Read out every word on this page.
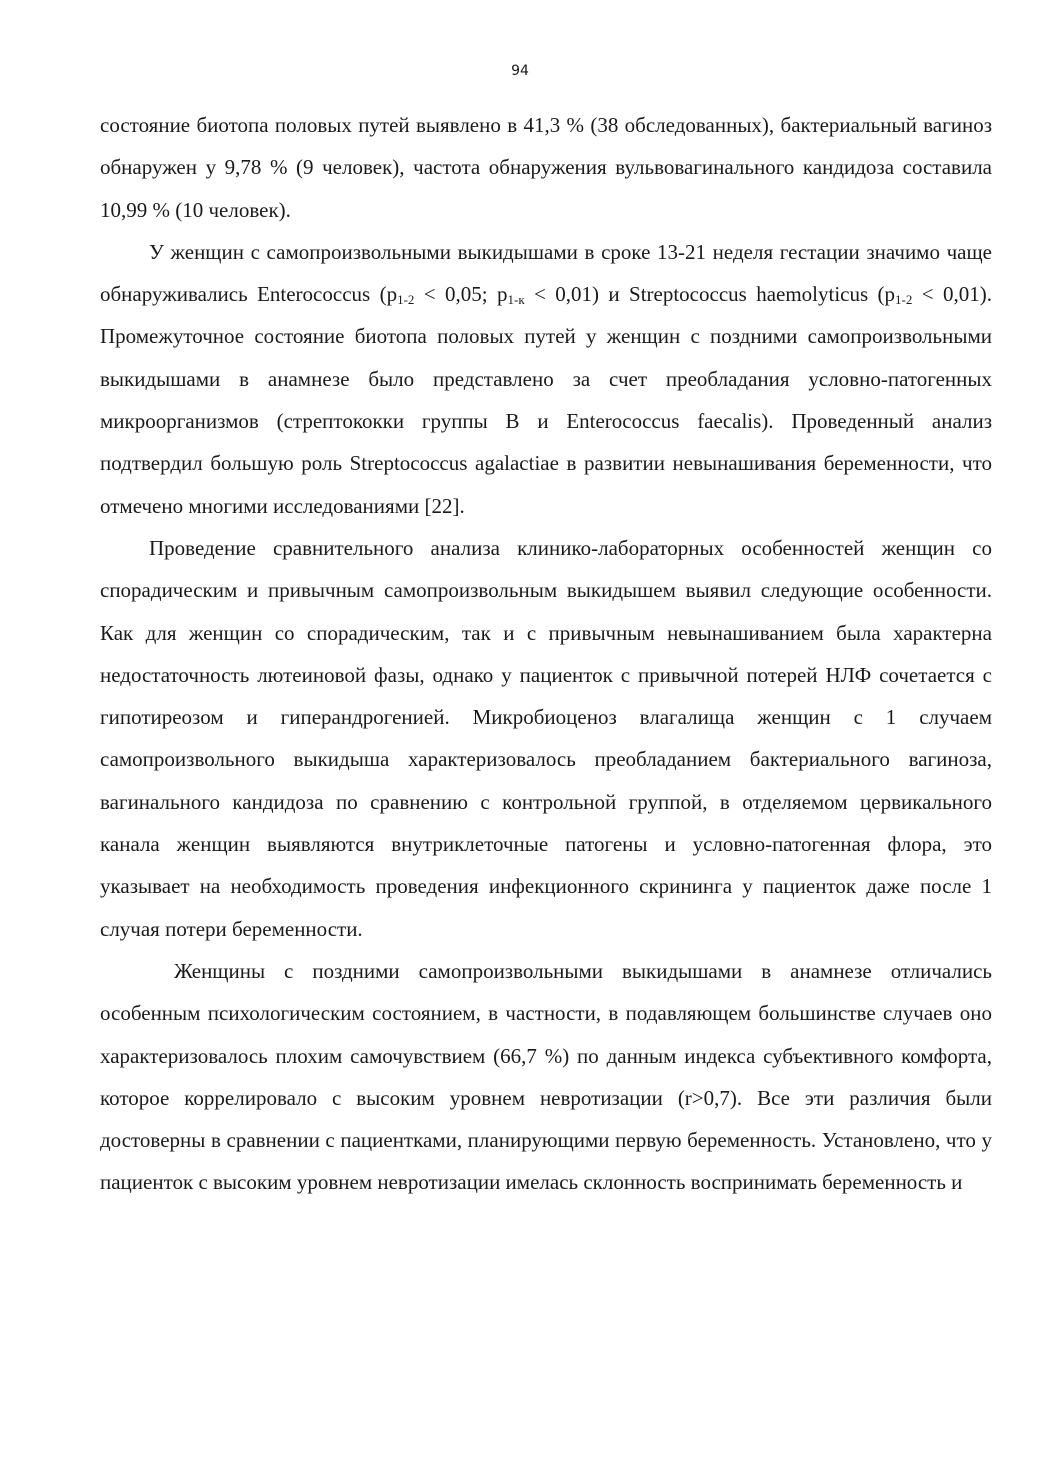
94

состояние биотопа половых путей выявлено в 41,3 % (38 обследованных), бактериальный вагиноз обнаружен у 9,78 % (9 человек), частота обнаружения вульвовагинального кандидоза составила 10,99 % (10 человек).

У женщин с самопроизвольными выкидышами в сроке 13-21 неделя гестации значимо чаще обнаруживались Enterococcus ($p_{1-2} < 0,05$; $p_{1-к} < 0,01$) и Streptococcus haemolyticus $(p_{1-2} < 0,01)$. Промежуточное состояние биотопа половых путей у женщин с поздними самопроизвольными выкидышами в анамнезе было представлено за счет преобладания условно-патогенных микроорганизмов (стрептококки группы В и Enterococcus faecalis). Проведенный анализ подтвердил большую роль Streptococcus agalactiae в развитии невынашивания беременности, что отмечено многими исследованиями [22].

Проведение сравнительного анализа клинико-лабораторных особенностей женщин со спорадическим и привычным самопроизвольным выкидышем выявил следующие особенности. Как для женщин со спорадическим, так и с привычным невынашиванием была характерна недостаточность лютеиновой фазы, однако у пациенток с привычной потерей НЛФ сочетается с гипотиреозом и гиперандрогенией. Микробиоценоз влагалища женщин с 1 случаем самопроизвольного выкидыша характеризовалось преобладанием бактериального вагиноза, вагинального кандидоза по сравнению с контрольной группой, в отделяемом цервикального канала женщин выявляются внутриклеточные патогены и условно-патогенная флора, это указывает на необходимость проведения инфекционного скрининга у пациенток даже после 1 случая потери беременности.

Женщины с поздними самопроизвольными выкидышами в анамнезе отличались особенным психологическим состоянием, в частности, в подавляющем большинстве случаев оно характеризовалось плохим самочувствием (66,7 %) по данным индекса субъективного комфорта, которое коррелировало с высоким уровнем невротизации (r>0,7). Все эти различия были достоверны в сравнении с пациентками, планирующими первую беременность. Установлено, что у пациенток с высоким уровнем невротизации имелась склонность воспринимать беременность и
